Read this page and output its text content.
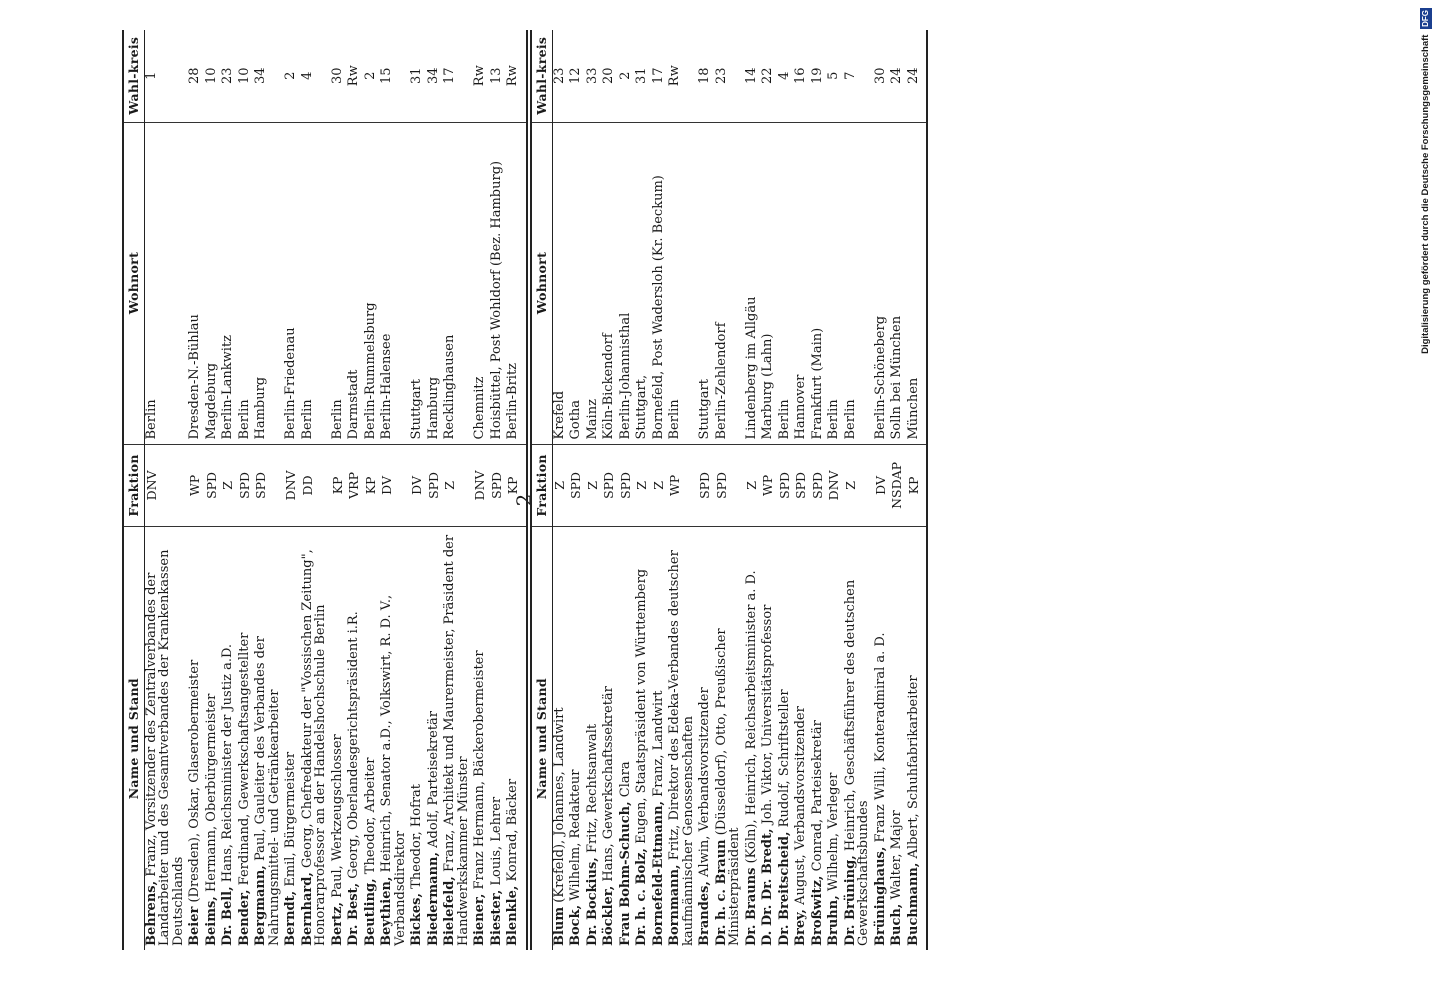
2
Name und Stand	Fraktion	Wohnort	Wahl-kreis
Behrens, Franz, Vorsitzender des Zentralverbandes der Landarbeiter und des Gesamtverbandes der Krankenkassen Deutschlands	DNV	Berlin	1
Beier (Dresden), Oskar, Glaserobermeister	WP	Dresden-N.-Bühlau	28
Beims, Hermann, Oberbürgermeister	SPD	Magdeburg	10
Dr. Bell, Hans, Reichsminister der Justiz a.D.	Z	Berlin-Lankwitz	23
Bender, Ferdinand, Gewerkschaftsangestellter	SPD	Berlin	10
Bergmann, Paul, Gauleiter des Verbandes der Nahrungsmittel- und Getränkearbeiter	SPD	Hamburg	34
Berndt, Emil, Bürgermeister	DNV	Berlin-Friedenau	2
Bernhard, Georg, Chefredakteur der "Vossischen Zeitung", Honorarprofessor an der Handelshochschule Berlin	DD	Berlin	4
Bertz, Paul, Werkzeugschlosser	KP	Berlin	30
Dr. Best, Georg, Oberlandesgerichtspräsident i.R.	VRP	Darmstadt	Rw
Beutling, Theodor, Arbeiter	KP	Berlin-Rummelsburg	2
Beythien, Heinrich, Senator a.D., Volkswirt, R. D. V., Verbandsdirektor	DV	Berlin-Halensee	15
Bickes, Theodor, Hofrat	DV	Stuttgart	31
Biedermann, Adolf, Parteisekretär	SPD	Hamburg	34
Bielefeld, Franz, Architekt und Maurermeister, Präsident der Handwerkskammer Münster	Z	Recklinghausen	17
Biener, Franz Hermann, Bäckerobermeister	DNV	Chemnitz	Rw
Biester, Louis, Lehrer	SPD	Hoisbüttel, Post Wohldorf (Bez. Hamburg)	13
Blenkle, Konrad, Bäcker	KP	Berlin-Britz	Rw
Name und Stand	Fraktion	Wohnort	Wahl-kreis
Blum (Krefeld), Johannes, Landwirt	Z	Krefeld	23
Bock, Wilhelm, Redakteur	SPD	Gotha	12
Dr. Bockius, Fritz, Rechtsanwalt	Z	Mainz	33
Böckler, Hans, Gewerkschaftssekretär	SPD	Köln-Bickendorf	20
Frau Bohm-Schuch, Clara	SPD	Berlin-Johannisthal	2
Dr. h. c. Bolz, Eugen, Staatspräsident von Württemberg	Z	Stuttgart,	31
Bornefeld-Ettmann, Franz, Landwirt	Z	Bornefeld, Post Wadersloh (Kr. Beckum)	17
Bornmann, Fritz, Direktor des Edeka-Verbandes deutscher kaufmännischer Genossenschaften	WP	Berlin	Rw
Brandes, Alwin, Verbandsvorsitzender	SPD	Stuttgart	18
Dr. h. c. Braun (Düsseldorf), Otto, Preußischer Ministerpräsident	SPD	Berlin-Zehlendorf	23
Dr. Brauns (Köln), Heinrich, Reichsarbeitsminister a. D.	Z	Lindenberg im Allgäu	14
D. Dr. Dr. Bredt, Joh. Viktor, Universitätsprofessor	WP	Marburg (Lahn)	22
Dr. Breitscheid, Rudolf, Schriftsteller	SPD	Berlin	4
Brey, August, Verbandsvorsitzender	SPD	Hannover	16
Broßwitz, Conrad, Parteisekretär	SPD	Frankfurt (Main)	19
Bruhn, Wilhelm, Verleger	DNV	Berlin	5
Dr. Brüning, Heinrich, Geschäftsführer des deutschen Gewerkschaftsbundes	Z	Berlin	7
Brüninghaus, Franz Willi, Konteradmiral a. D.	DV	Berlin-Schöneberg	30
Buch, Walter, Major	NSDAP	Solln bei München	24
Buchmann, Albert, Schuhfabrikarbeiter	KP	München	24	Digitalisierung gefördert durch die Deutsche Forschungsgemeinschaft DFG
